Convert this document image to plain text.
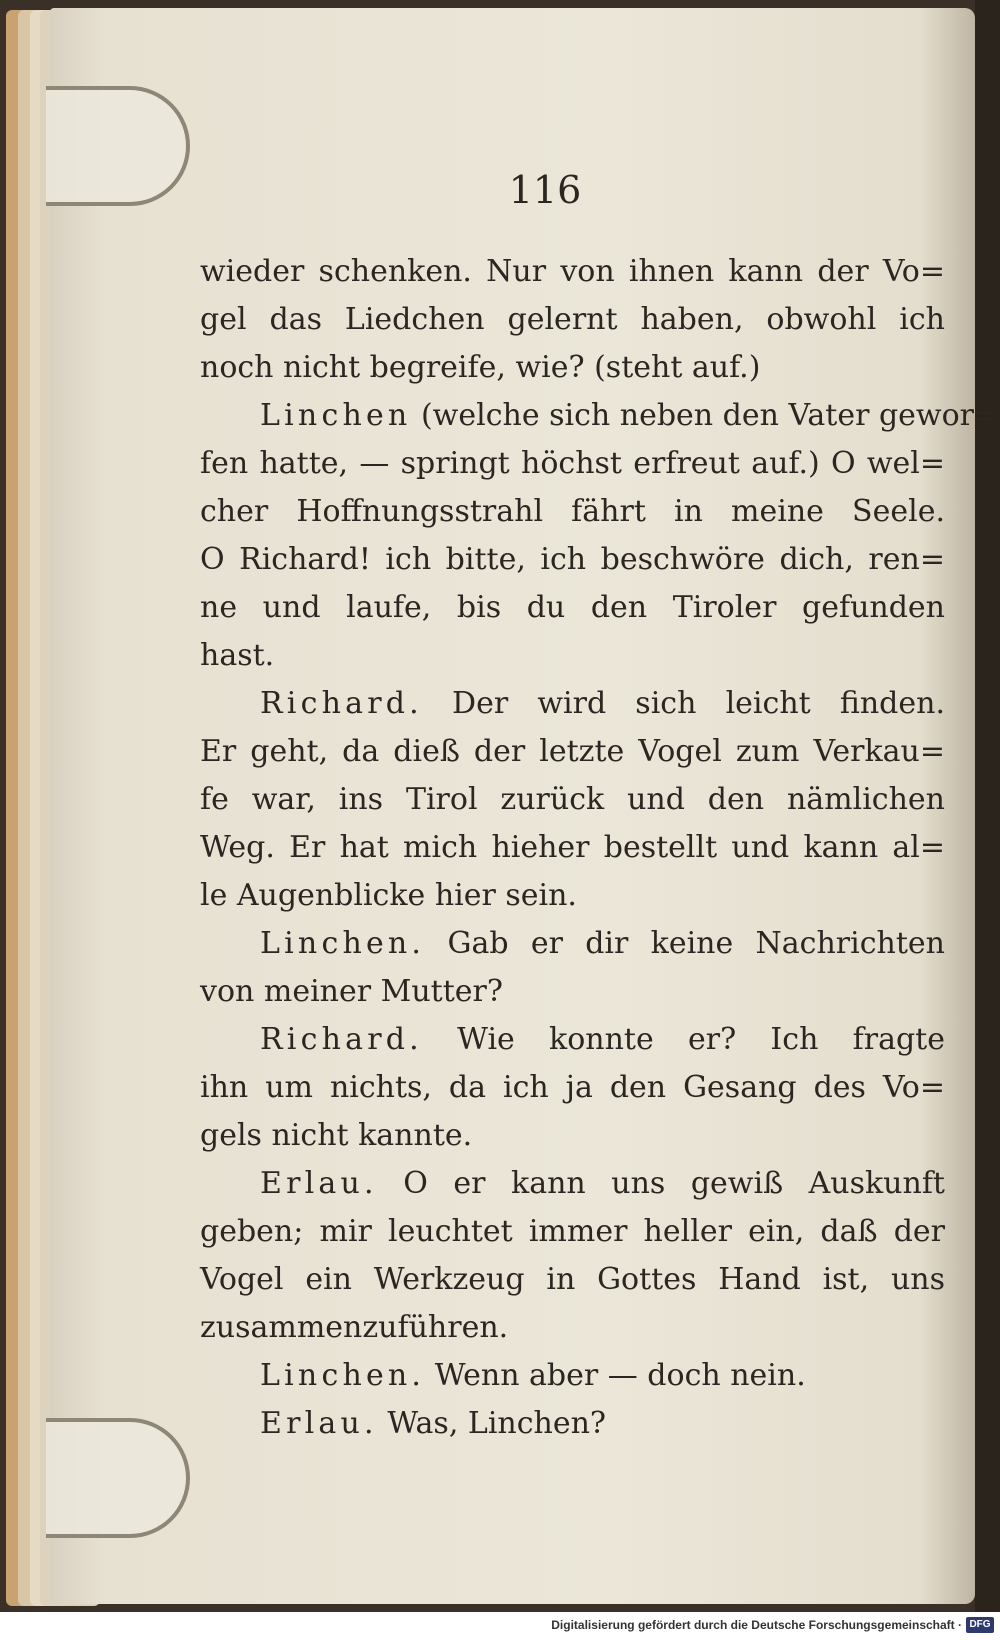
116
wieder schenken. Nur von ihnen kann der Vo=
gel das Liedchen gelernt haben, obwohl ich
noch nicht begreife, wie? (steht auf.)
Linchen (welche sich neben den Vater gewor=
fen hatte, — springt höchst erfreut auf.) O wel=
cher Hoffnungsstrahl fährt in meine Seele.
O Richard! ich bitte, ich beschwöre dich, ren=
ne und laufe, bis du den Tiroler gefunden
hast.
Richard. Der wird sich leicht finden.
Er geht, da dieß der letzte Vogel zum Verkau=
fe war, ins Tirol zurück und den nämlichen
Weg. Er hat mich hieher bestellt und kann al=
le Augenblicke hier sein.
Linchen. Gab er dir keine Nachrichten
von meiner Mutter?
Richard. Wie konnte er? Ich fragte
ihn um nichts, da ich ja den Gesang des Vo=
gels nicht kannte.
Erlau. O er kann uns gewiß Auskunft
geben; mir leuchtet immer heller ein, daß der
Vogel ein Werkzeug in Gottes Hand ist, uns
zusammenzuführen.
Linchen. Wenn aber — doch nein.
Erlau. Was, Linchen?
Digitalisierung gefördert durch die Deutsche Forschungsgemeinschaft · DFG
